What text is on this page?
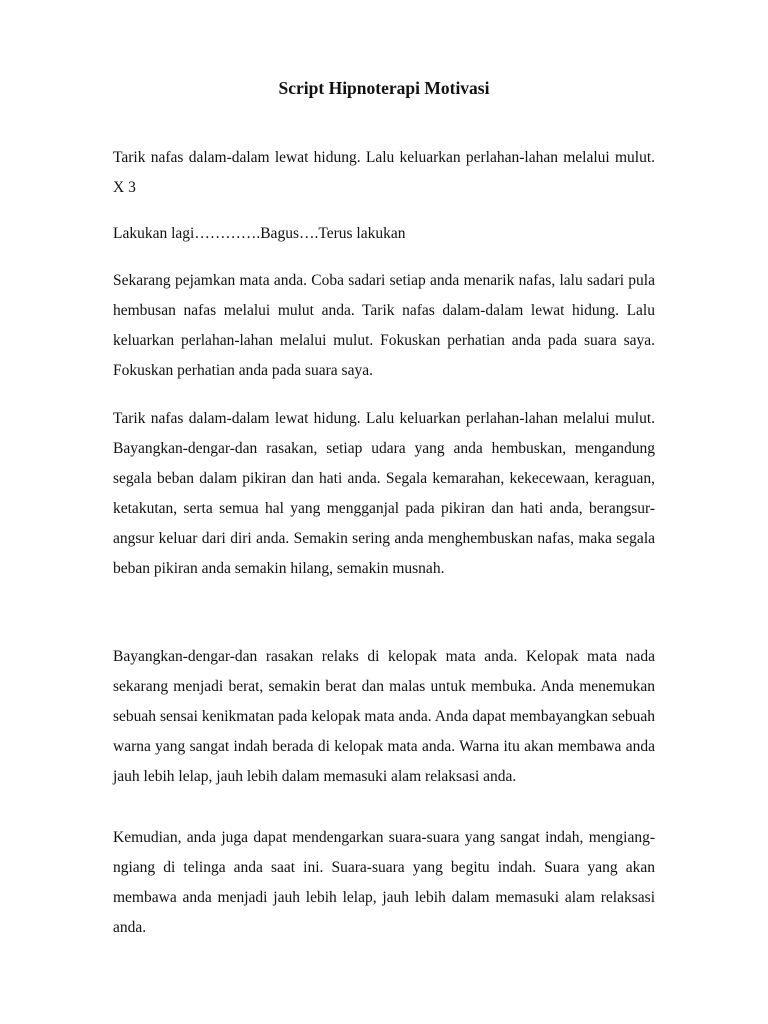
Script Hipnoterapi Motivasi

Tarik nafas dalam-dalam lewat hidung. Lalu keluarkan perlahan-lahan melalui mulut. X 3

Lakukan lagi………….Bagus….Terus lakukan

Sekarang pejamkan mata anda. Coba sadari setiap anda menarik nafas, lalu sadari pula hembusan nafas melalui mulut anda. Tarik nafas dalam-dalam lewat hidung. Lalu keluarkan perlahan-lahan melalui mulut. Fokuskan perhatian anda pada suara saya. Fokuskan perhatian anda pada suara saya.

Tarik nafas dalam-dalam lewat hidung. Lalu keluarkan perlahan-lahan melalui mulut. Bayangkan-dengar-dan rasakan, setiap udara yang anda hembuskan, mengandung segala beban dalam pikiran dan hati anda. Segala kemarahan, kekecewaan, keraguan, ketakutan, serta semua hal yang mengganjal pada pikiran dan hati anda, berangsur-angsur keluar dari diri anda. Semakin sering anda menghembuskan nafas, maka segala beban pikiran anda semakin hilang, semakin musnah.

Bayangkan-dengar-dan rasakan relaks di kelopak mata anda. Kelopak mata nada sekarang menjadi berat, semakin berat dan malas untuk membuka. Anda menemukan sebuah sensai kenikmatan pada kelopak mata anda. Anda dapat membayangkan sebuah warna yang sangat indah berada di kelopak mata anda. Warna itu akan membawa anda jauh lebih lelap, jauh lebih dalam memasuki alam relaksasi anda.

Kemudian, anda juga dapat mendengarkan suara-suara yang sangat indah, mengiang-ngiang di telinga anda saat ini. Suara-suara yang begitu indah. Suara yang akan membawa anda menjadi jauh lebih lelap, jauh lebih dalam memasuki alam relaksasi anda.
